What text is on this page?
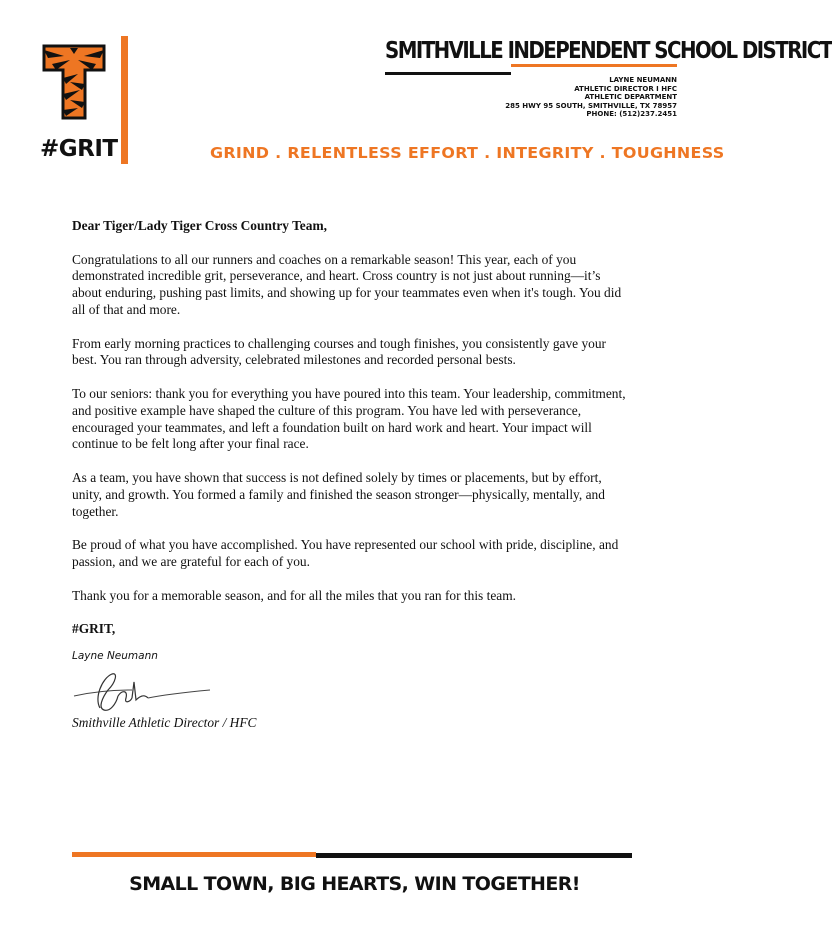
#GRIT
SMITHVILLE INDEPENDENT SCHOOL DISTRICT
LAYNE NEUMANN
ATHLETIC DIRECTOR I HFC
ATHLETIC DEPARTMENT
285 HWY 95 SOUTH, SMITHVILLE, TX 78957
PHONE: (512)237.2451
GRIND . RELENTLESS EFFORT . INTEGRITY . TOUGHNESS

Dear Tiger/Lady Tiger Cross Country Team,

Congratulations to all our runners and coaches on a remarkable season! This year, each of you demonstrated incredible grit, perseverance, and heart. Cross country is not just about running—it’s about enduring, pushing past limits, and showing up for your teammates even when it's tough. You did all of that and more.

From early morning practices to challenging courses and tough finishes, you consistently gave your best. You ran through adversity, celebrated milestones and recorded personal bests.

To our seniors: thank you for everything you have poured into this team. Your leadership, commitment, and positive example have shaped the culture of this program. You have led with perseverance, encouraged your teammates, and left a foundation built on hard work and heart. Your impact will continue to be felt long after your final race.

As a team, you have shown that success is not defined solely by times or placements, but by effort, unity, and growth. You formed a family and finished the season stronger—physically, mentally, and together.

Be proud of what you have accomplished. You have represented our school with pride, discipline, and passion, and we are grateful for each of you.

Thank you for a memorable season, and for all the miles that you ran for this team.

#GRIT,

Layne Neumann
Smithville Athletic Director / HFC
SMALL TOWN, BIG HEARTS, WIN TOGETHER!
